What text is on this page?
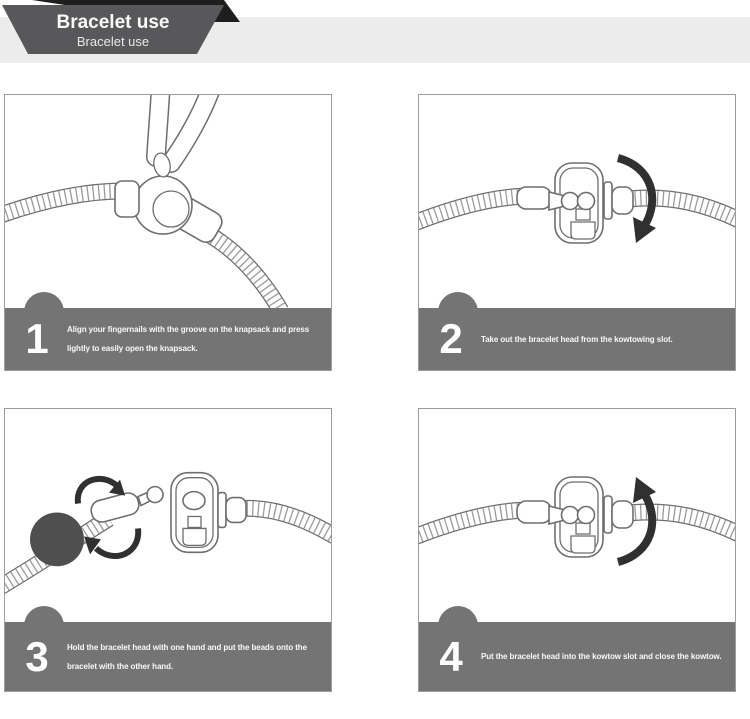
Bracelet use
Bracelet use
1	Align your fingernails with the groove on the knapsack and press lightly to easily open the knapsack.	2	Take out the bracelet head from the kowtowing slot.

3	Hold the bracelet head with one hand and put the beads onto the bracelet with the other hand.	4	Put the bracelet head into the kowtow slot and close the kowtow.
